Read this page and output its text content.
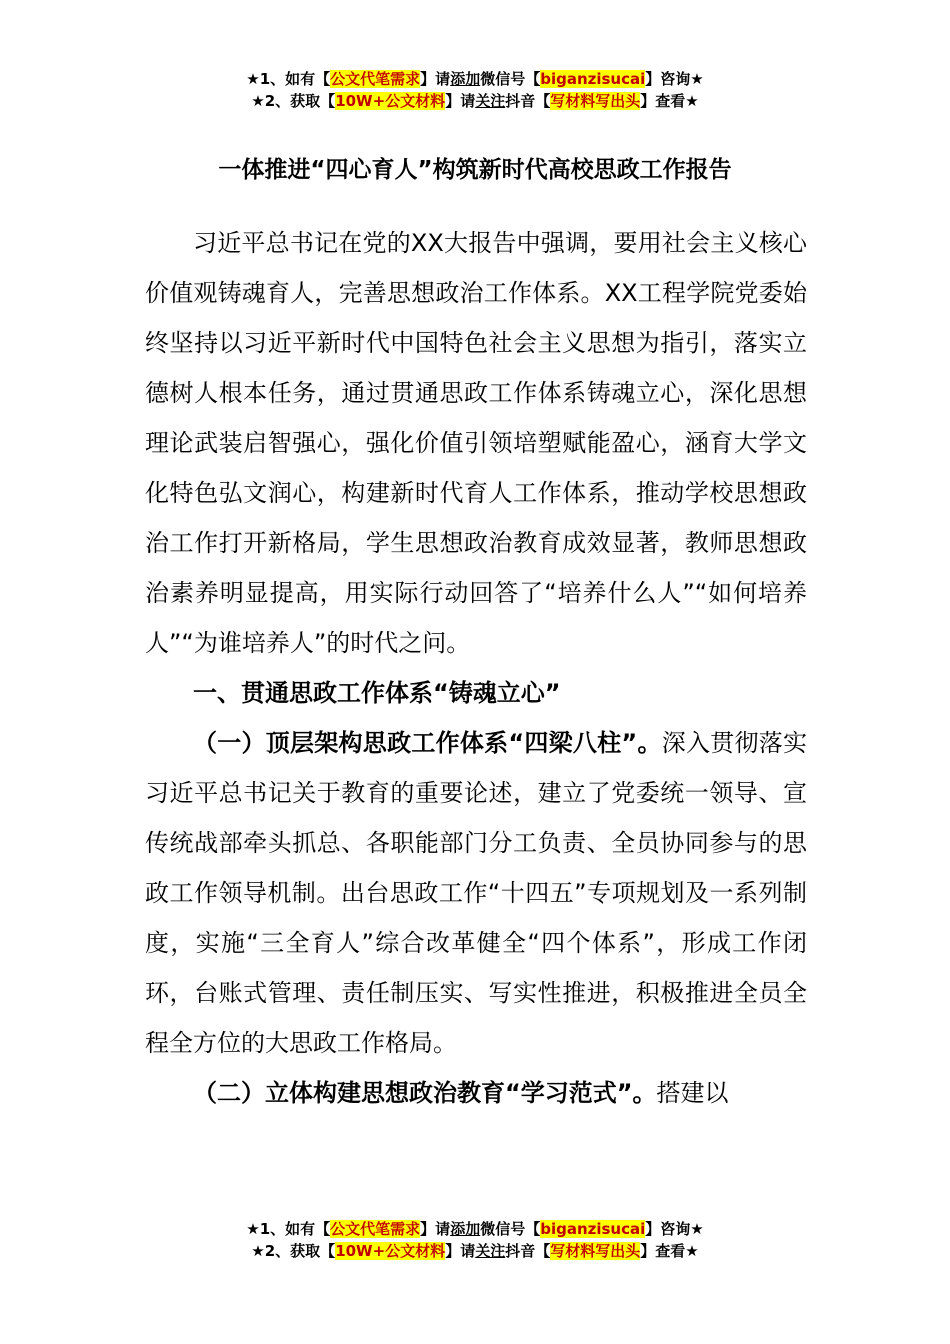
★1、如有【公文代笔需求】请添加微信号【biganzisucai】咨询★
★2、获取【10W+公文材料】请关注抖音【写材料写出头】查看★
一体推进“四心育人”构筑新时代高校思政工作报告

习近平总书记在党的XX大报告中强调，要用社会主义核心价值观铸魂育人，完善思想政治工作体系。XX工程学院党委始终坚持以习近平新时代中国特色社会主义思想为指引，落实立德树人根本任务，通过贯通思政工作体系铸魂立心，深化思想理论武装启智强心，强化价值引领培塑赋能盈心，涵育大学文化特色弘文润心，构建新时代育人工作体系，推动学校思想政治工作打开新格局，学生思想政治教育成效显著，教师思想政治素养明显提高，用实际行动回答了“培养什么人”“如何培养人”“为谁培养人”的时代之问。

一、贯通思政工作体系“铸魂立心”

（一）顶层架构思政工作体系“四梁八柱”。深入贯彻落实习近平总书记关于教育的重要论述，建立了党委统一领导、宣传统战部牵头抓总、各职能部门分工负责、全员协同参与的思政工作领导机制。出台思政工作“十四五”专项规划及一系列制度，实施“三全育人”综合改革健全“四个体系”，形成工作闭环，台账式管理、责任制压实、写实性推进，积极推进全员全程全方位的大思政工作格局。

（二）立体构建思想政治教育“学习范式”。搭建以

★1、如有【公文代笔需求】请添加微信号【biganzisucai】咨询★
★2、获取【10W+公文材料】请关注抖音【写材料写出头】查看★
